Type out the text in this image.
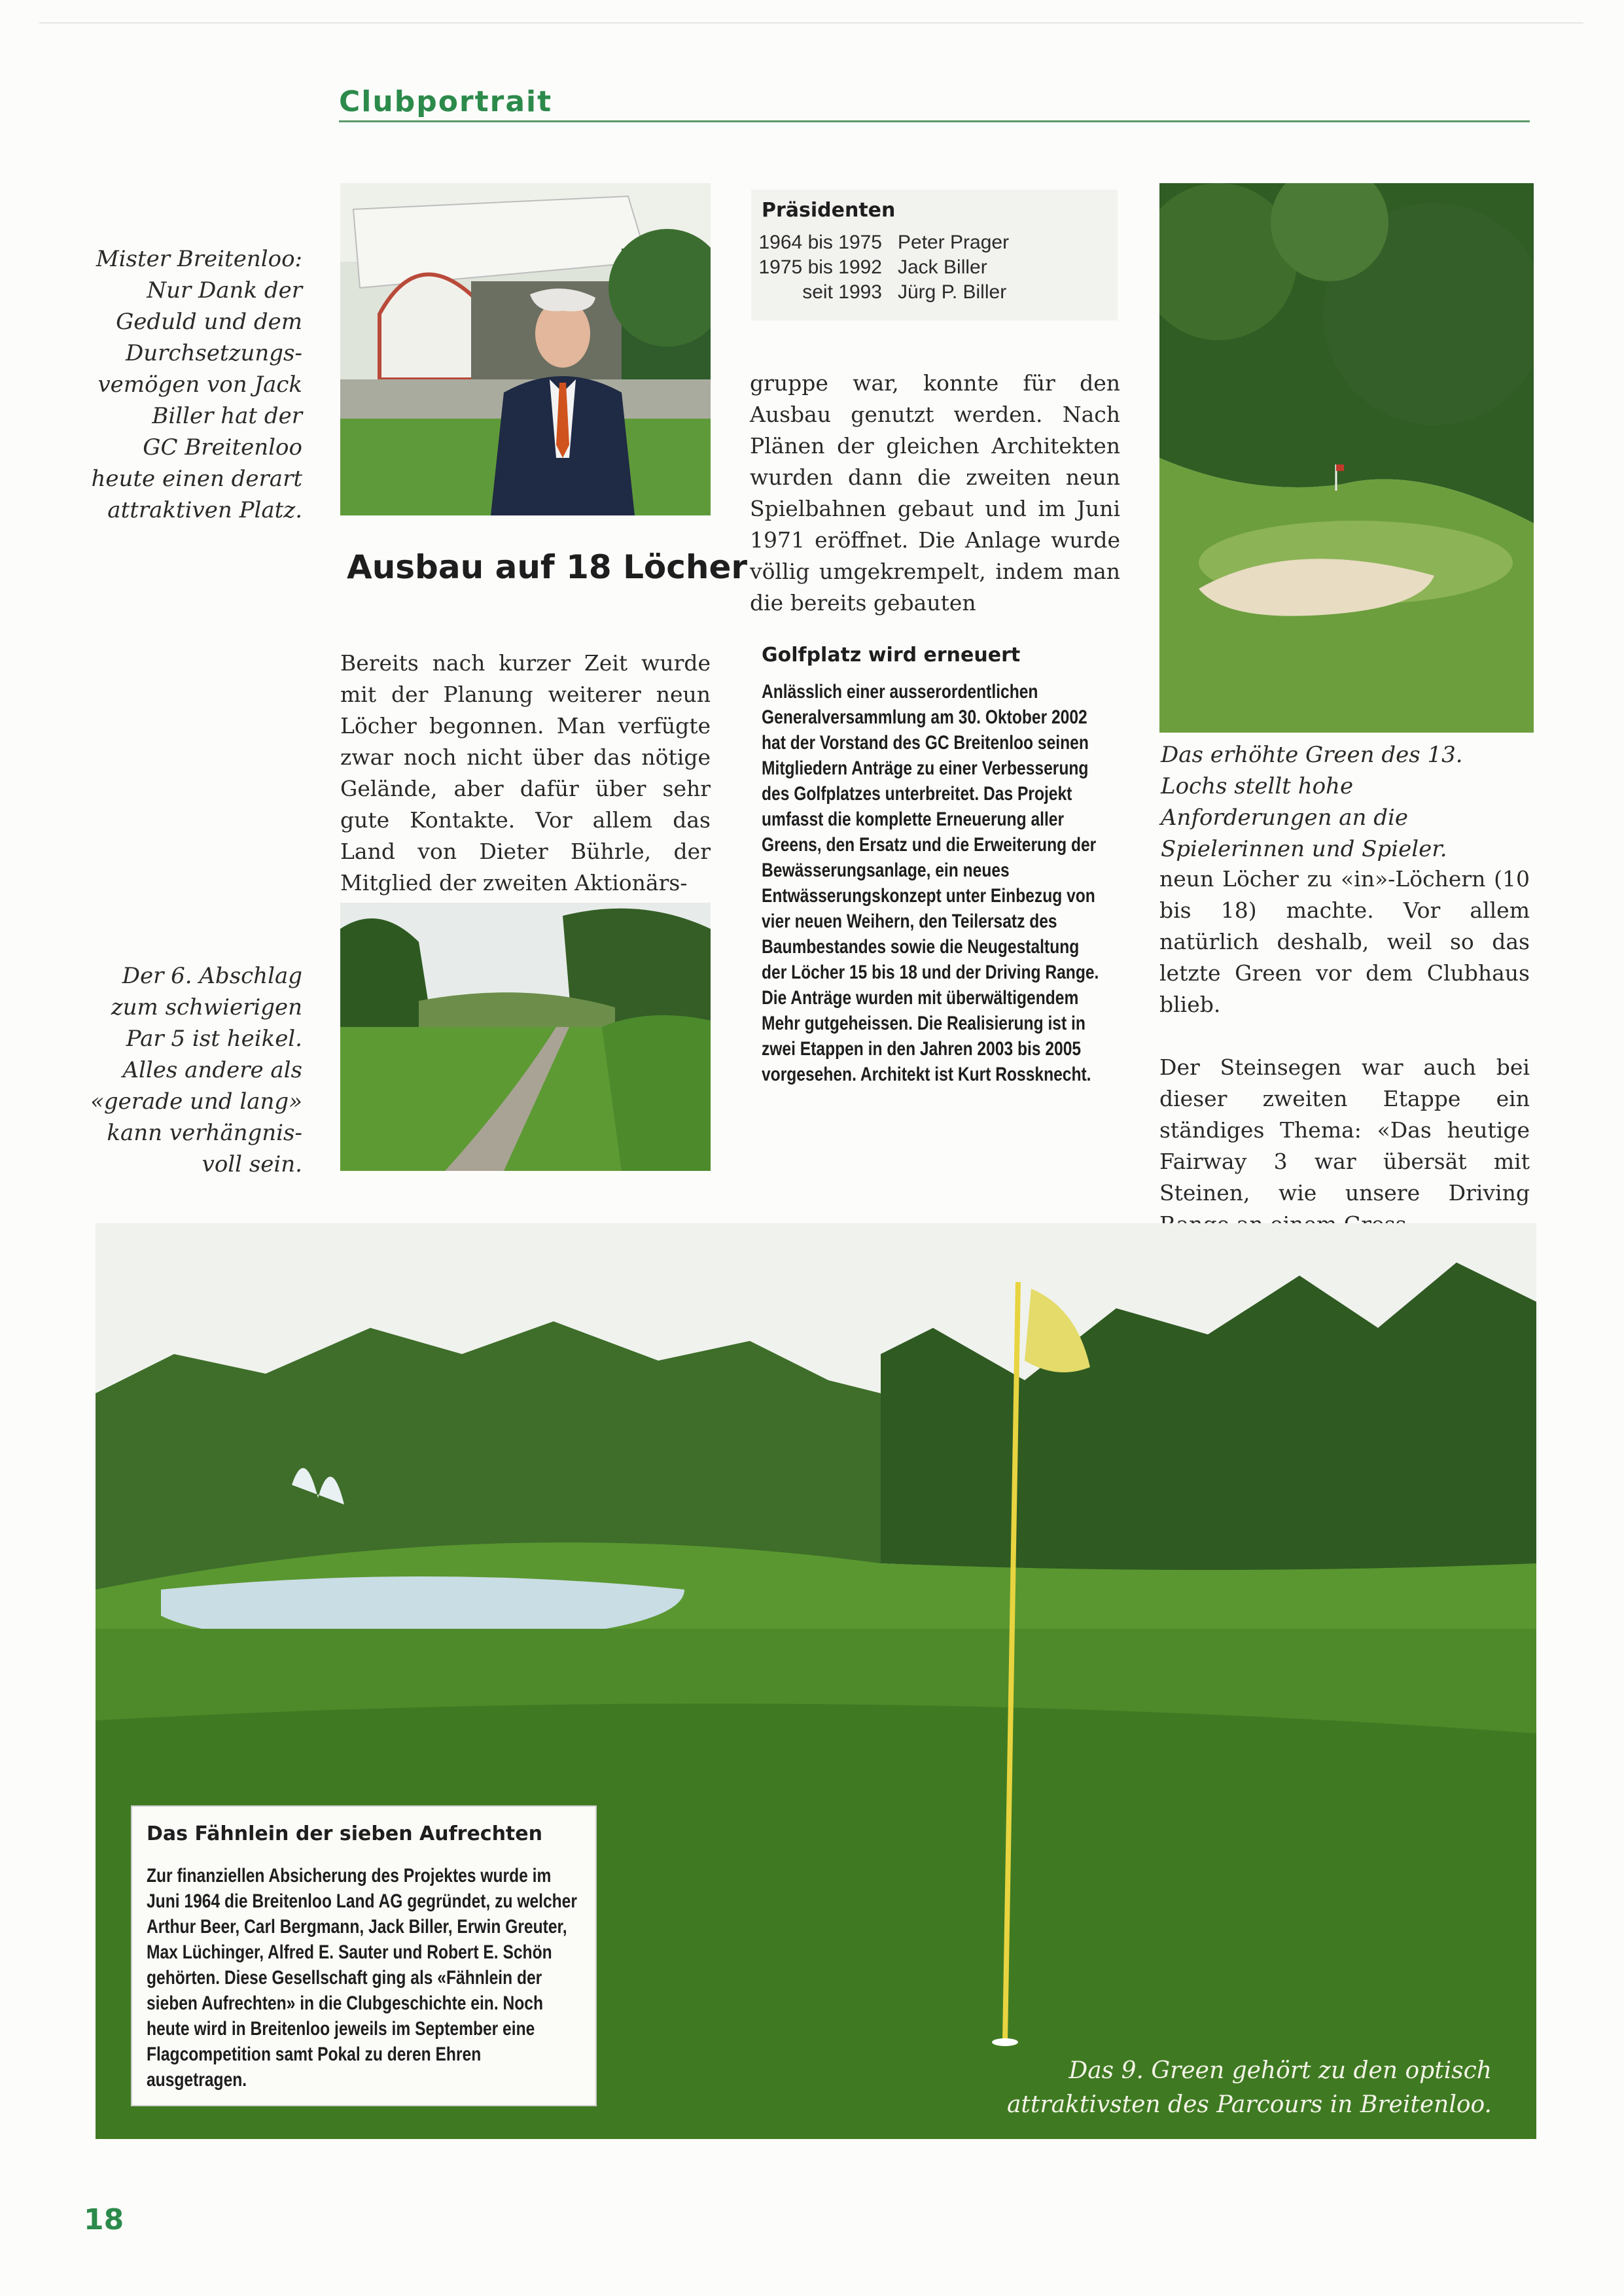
Clubportrait
Mister Breitenloo:
Nur Dank der
Geduld und dem
Durchsetzungs-
vemögen von Jack
Biller hat der
GC Breitenloo
heute einen derart
attraktiven Platz.
Der 6. Abschlag
zum schwierigen
Par 5 ist heikel.
Alles andere als
«gerade und lang»
kann verhängnis-
voll sein.
Ausbau auf 18 Löcher

Bereits nach kurzer Zeit wurde mit der Planung weiterer neun Löcher begonnen. Man verfügte zwar noch nicht über das nötige Gelände, aber dafür über sehr gute Kontakte. Vor allem das Land von Dieter Bührle, der Mitglied der zweiten Aktionärs-

Präsidenten
1964 bis 1975 Peter Prager
1975 bis 1992 Jack Biller
seit 1993 Jürg P. Biller

gruppe war, konnte für den Ausbau genutzt werden. Nach Plänen der gleichen Architekten wurden dann die zweiten neun Spielbahnen gebaut und im Juni 1971 eröffnet. Die Anlage wurde völlig umgekrempelt, indem man die bereits gebauten

Golfplatz wird erneuert
Anlässlich einer ausserordentlichen Generalversammlung am 30. Oktober 2002 hat der Vorstand des GC Breitenloo seinen Mitgliedern Anträge zu einer Verbesserung des Golfplatzes unterbreitet. Das Projekt umfasst die komplette Erneuerung aller Greens, den Ersatz und die Erweiterung der Bewässerungsanlage, ein neues Entwässerungskonzept unter Einbezug von vier neuen Weihern, den Teilersatz des Baumbestandes sowie die Neugestaltung der Löcher 15 bis 18 und der Driving Range. Die Anträge wurden mit überwältigendem Mehr gutgeheissen. Die Realisierung ist in zwei Etappen in den Jahren 2003 bis 2005 vorgesehen. Architekt ist Kurt Rossknecht.
Das erhöhte Green des 13. Lochs stellt hohe Anforderungen an die Spielerinnen und Spieler.

neun Löcher zu «in»-Löchern (10 bis 18) machte. Vor allem natürlich deshalb, weil so das letzte Green vor dem Clubhaus blieb.

Der Steinsegen war auch bei dieser zweiten Etappe ein ständiges Thema: «Das heutige Fairway 3 war übersät mit Steinen, wie unsere Driving

Das Fähnlein der sieben Aufrechten
Zur finanziellen Absicherung des Projektes wurde im Juni 1964 die Breitenloo Land AG gegründet, zu welcher Arthur Beer, Carl Bergmann, Jack Biller, Erwin Greuter, Max Lüchinger, Alfred E. Sauter und Robert E. Schön gehörten. Diese Gesellschaft ging als «Fähnlein der sieben Aufrechten» in die Clubgeschichte ein. Noch heute wird in Breitenloo jeweils im September eine Flagcompetition samt Pokal zu deren Ehren ausgetragen.	Das 9. Green gehört zu den optisch
attraktivsten des Parcours in Breitenloo.
18
